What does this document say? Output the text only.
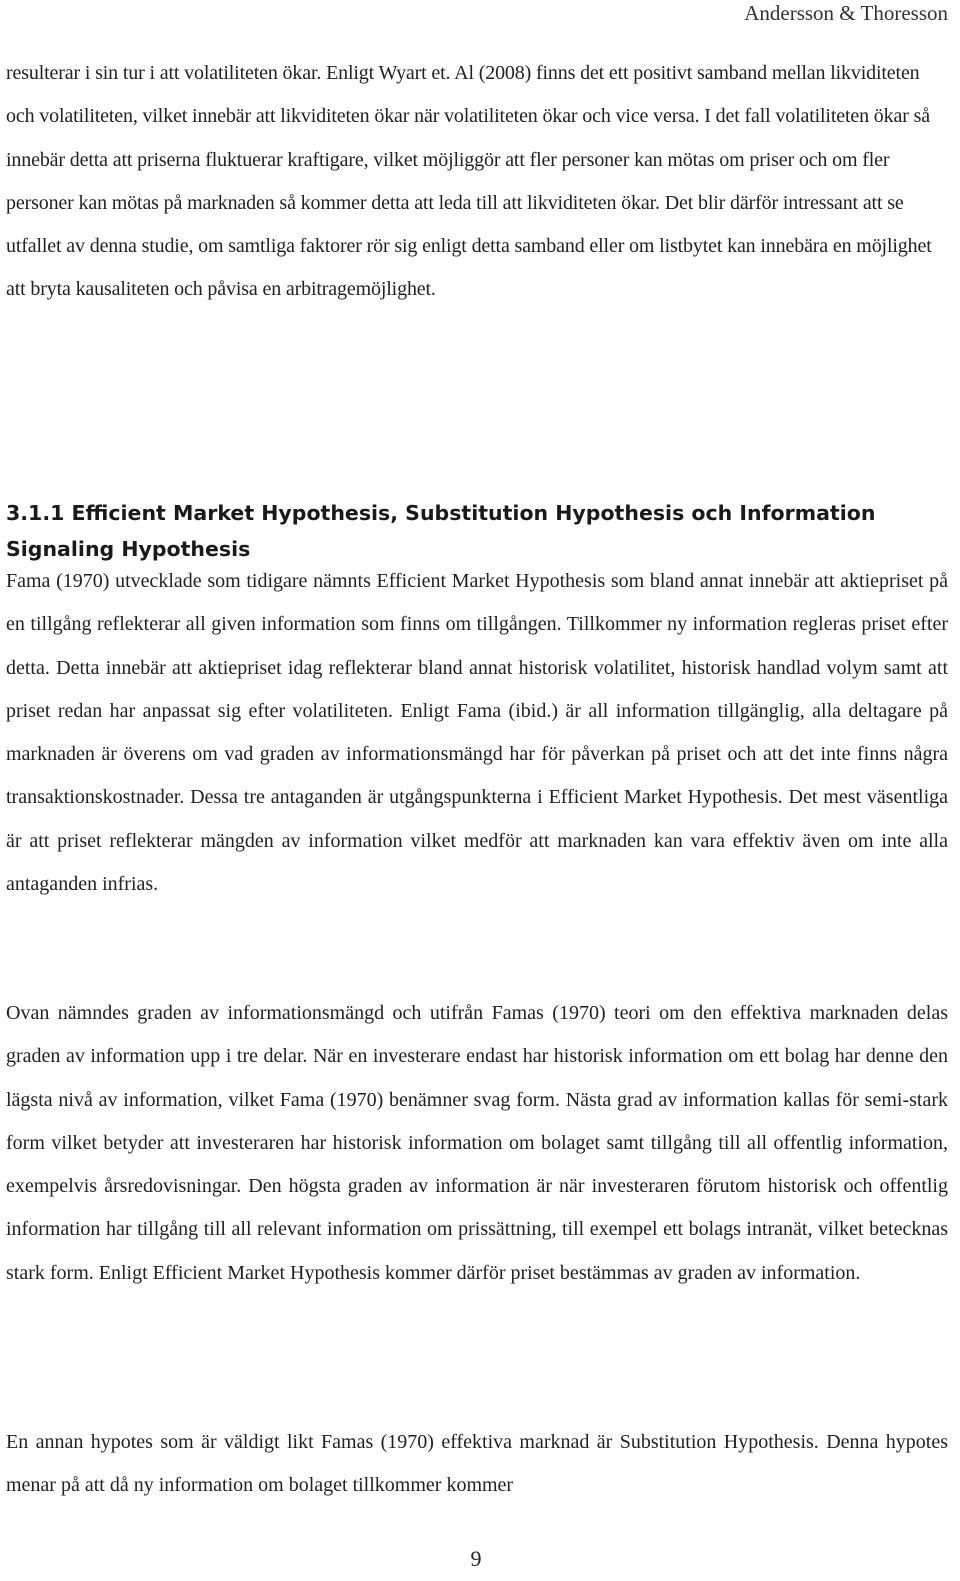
Andersson & Thoresson

resulterar i sin tur i att volatiliteten ökar. Enligt Wyart et. Al (2008) finns det ett positivt samband mellan likviditeten och volatiliteten, vilket innebär att likviditeten ökar när volatiliteten ökar och vice versa. I det fall volatiliteten ökar så innebär detta att priserna fluktuerar kraftigare, vilket möjliggör att fler personer kan mötas om priser och om fler personer kan mötas på marknaden så kommer detta att leda till att likviditeten ökar. Det blir därför intressant att se utfallet av denna studie, om samtliga faktorer rör sig enligt detta samband eller om listbytet kan innebära en möjlighet att bryta kausaliteten och påvisa en arbitragemöjlighet.

3.1.1 Efficient Market Hypothesis, Substitution Hypothesis och Information Signaling Hypothesis

Fama (1970) utvecklade som tidigare nämnts Efficient Market Hypothesis som bland annat innebär att aktiepriset på en tillgång reflekterar all given information som finns om tillgången. Tillkommer ny information regleras priset efter detta. Detta innebär att aktiepriset idag reflekterar bland annat historisk volatilitet, historisk handlad volym samt att priset redan har anpassat sig efter volatiliteten. Enligt Fama (ibid.) är all information tillgänglig, alla deltagare på marknaden är överens om vad graden av informationsmängd har för påverkan på priset och att det inte finns några transaktionskostnader. Dessa tre antaganden är utgångspunkterna i Efficient Market Hypothesis. Det mest väsentliga är att priset reflekterar mängden av information vilket medför att marknaden kan vara effektiv även om inte alla antaganden infrias.

Ovan nämndes graden av informationsmängd och utifrån Famas (1970) teori om den effektiva marknaden delas graden av information upp i tre delar. När en investerare endast har historisk information om ett bolag har denne den lägsta nivå av information, vilket Fama (1970) benämner svag form. Nästa grad av information kallas för semi-stark form vilket betyder att investeraren har historisk information om bolaget samt tillgång till all offentlig information, exempelvis årsredovisningar. Den högsta graden av information är när investeraren förutom historisk och offentlig information har tillgång till all relevant information om prissättning, till exempel ett bolags intranät, vilket betecknas stark form. Enligt Efficient Market Hypothesis kommer därför priset bestämmas av graden av information.

En annan hypotes som är väldigt likt Famas (1970) effektiva marknad är Substitution Hypothesis. Denna hypotes menar på att då ny information om bolaget tillkommer kommer

9
